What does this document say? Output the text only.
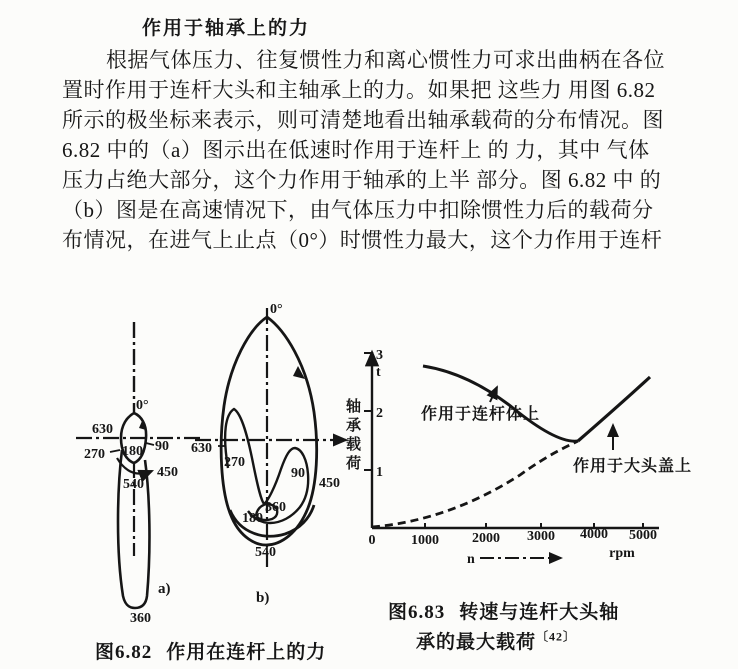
作用于轴承上的力
根据气体压力、往复惯性力和离心惯性力可求出曲柄在各位
置时作用于连杆大头和主轴承上的力。如果把 这些力 用图 6.82
所示的极坐标来表示，则可清楚地看出轴承载荷的分布情况。图
6.82 中的（a）图示出在低速时作用于连杆上 的 力，其中 气体
压力占绝大部分，这个力作用于轴承的上半 部分。图 6.82 中 的
（b）图是在高速情况下，由气体压力中扣除惯性力后的载荷分
布情况，在进气上止点（0°）时惯性力最大，这个力作用于连杆
0°
630
270 180 90
450
540
360
a)
0°
630
270
90
450
360
180
540
b)
3
t
2
1
0	1000 2000 3000 4000 5000
rpm
n
作用于连杆体上
作用于大头盖上
轴承载荷
图6.82 作用在连杆上的力
图6.83 转速与连杆大头轴
承的最大载荷$^{〔42〕}$
